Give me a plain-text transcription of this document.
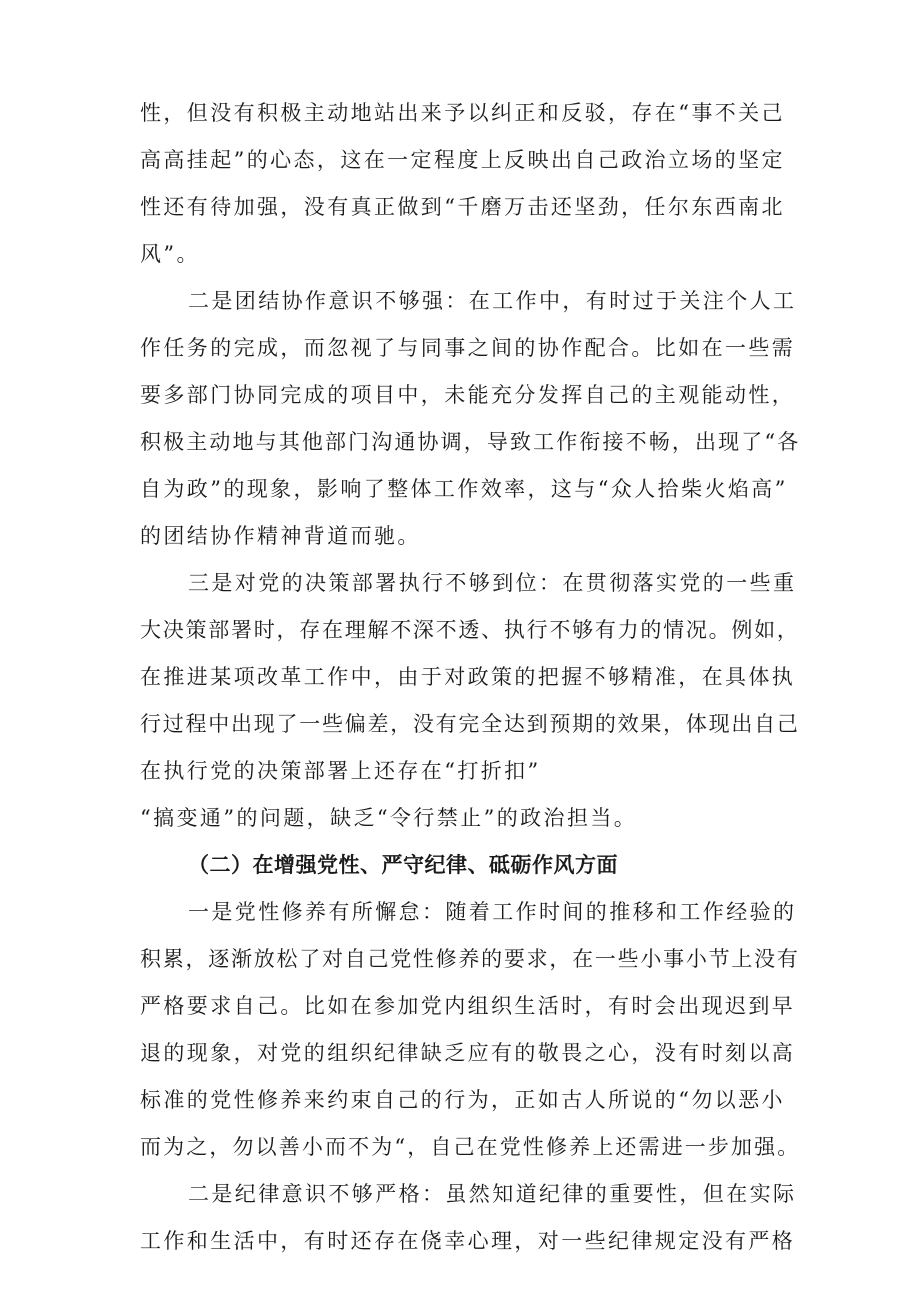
性，但没有积极主动地站出来予以纠正和反驳，存在“事不关己
高高挂起”的心态，这在一定程度上反映出自己政治立场的坚定
性还有待加强，没有真正做到“千磨万击还坚劲，任尔东西南北
风”。

二是团结协作意识不够强：在工作中，有时过于关注个人工
作任务的完成，而忽视了与同事之间的协作配合。比如在一些需
要多部门协同完成的项目中，未能充分发挥自己的主观能动性，
积极主动地与其他部门沟通协调，导致工作衔接不畅，出现了“各
自为政”的现象，影响了整体工作效率，这与“众人拾柴火焰高”
的团结协作精神背道而驰。

三是对党的决策部署执行不够到位：在贯彻落实党的一些重
大决策部署时，存在理解不深不透、执行不够有力的情况。例如，
在推进某项改革工作中，由于对政策的把握不够精准，在具体执
行过程中出现了一些偏差，没有完全达到预期的效果，体现出自己
在执行党的决策部署上还存在“打折扣”
“搞变通”的问题，缺乏“令行禁止”的政治担当。

（二）在增强党性、严守纪律、砥砺作风方面

一是党性修养有所懈怠：随着工作时间的推移和工作经验的
积累，逐渐放松了对自己党性修养的要求，在一些小事小节上没有
严格要求自己。比如在参加党内组织生活时，有时会出现迟到早
退的现象，对党的组织纪律缺乏应有的敬畏之心，没有时刻以高
标准的党性修养来约束自己的行为，正如古人所说的“勿以恶小
而为之，勿以善小而不为“，自己在党性修养上还需进一步加强。

二是纪律意识不够严格：虽然知道纪律的重要性，但在实际
工作和生活中，有时还存在侥幸心理，对一些纪律规定没有严格
